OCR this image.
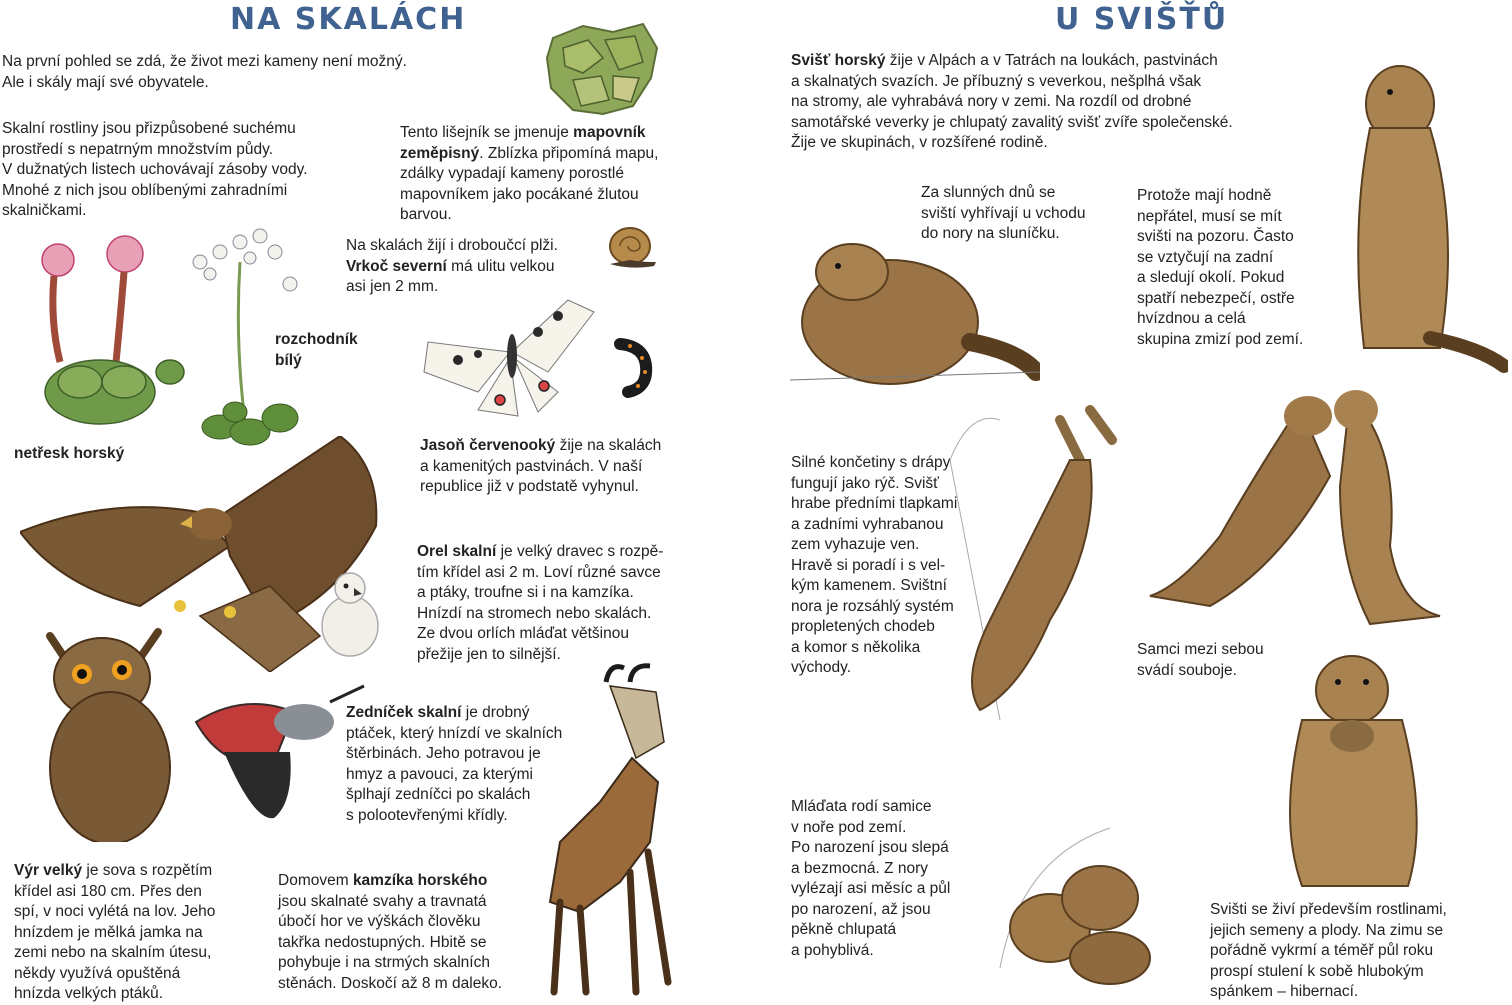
NA SKALÁCH
Na první pohled se zdá, že život mezi kameny není možný.
Ale i skály mají své obyvatele.
Skalní rostliny jsou přizpůsobené suchému
prostředí s nepatrným množstvím půdy.
V dužnatých listech uchovávají zásoby vody.
Mnohé z nich jsou oblíbenými zahradními
skalničkami.
Tento lišejník se jmenuje mapovník
zeměpisný. Zblízka připomíná mapu,
zdálky vypadají kameny porostlé
mapovníkem jako pocákané žlutou
barvou.
Na skalách žijí i droboučcí plži.
Vrkoč severní má ulitu velkou
asi jen 2 mm.
rozchodník
bílý
netřesk horský	Jasoň červenooký žije na skalách
a kamenitých pastvinách. V naší
republice již v podstatě vyhynul.
Orel skalní je velký dravec s rozpě-
tím křídel asi 2 m. Loví různé savce
a ptáky, troufne si i na kamzíka.
Hnízdí na stromech nebo skalách.
Ze dvou orlích mláďat většinou
přežije jen to silnější.
Zedníček skalní je drobný
ptáček, který hnízdí ve skalních
štěrbinách. Jeho potravou je
hmyz a pavouci, za kterými
šplhají zedníčci po skalách
s polootevřenými křídly.
Výr velký je sova s rozpětím
křídel asi 180 cm. Přes den
spí, v noci vylétá na lov. Jeho
hnízdem je mělká jamka na
zemi nebo na skalním útesu,
někdy využívá opuštěná
hnízda velkých ptáků.
Domovem kamzíka horského
jsou skalnaté svahy a travnatá
úbočí hor ve výškách člověku
takřka nedostupných. Hbitě se
pohybuje i na strmých skalních
stěnách. Doskočí až 8 m daleko.
U SVIŠŤŮ
Svišť horský žije v Alpách a v Tatrách na loukách, pastvinách
a skalnatých svazích. Je příbuzný s veverkou, nešplhá však
na stromy, ale vyhrabává nory v zemi. Na rozdíl od drobné
samotářské veverky je chlupatý zavalitý svišť zvíře společenské.
Žije ve skupinách, v rozšířené rodině.
Za slunných dnů se
sviští vyhřívají u vchodu
do nory na sluníčku.
Protože mají hodně
nepřátel, musí se mít
svišti na pozoru. Často
se vztyčují na zadní
a sledují okolí. Pokud
spatří nebezpečí, ostře
hvízdnou a celá
skupina zmizí pod zemí.
Silné končetiny s drápy
fungují jako rýč. Svišť
hrabe předními tlapkami
a zadními vyhrabanou
zem vyhazuje ven.
Hravě si poradí i s vel-
kým kamenem. Svištní
nora je rozsáhlý systém
propletených chodeb
a komor s několika
východy.
Samci mezi sebou
svádí souboje.
Mláďata rodí samice
v noře pod zemí.
Po narození jsou slepá
a bezmocná. Z nory
vylézají asi měsíc a půl
po narození, až jsou
pěkně chlupatá
a pohyblivá.
Svišti se živí především rostlinami,
jejich semeny a plody. Na zimu se
pořádně vykrmí a téměř půl roku
prospí stulení k sobě hlubokým
spánkem – hibernací.
